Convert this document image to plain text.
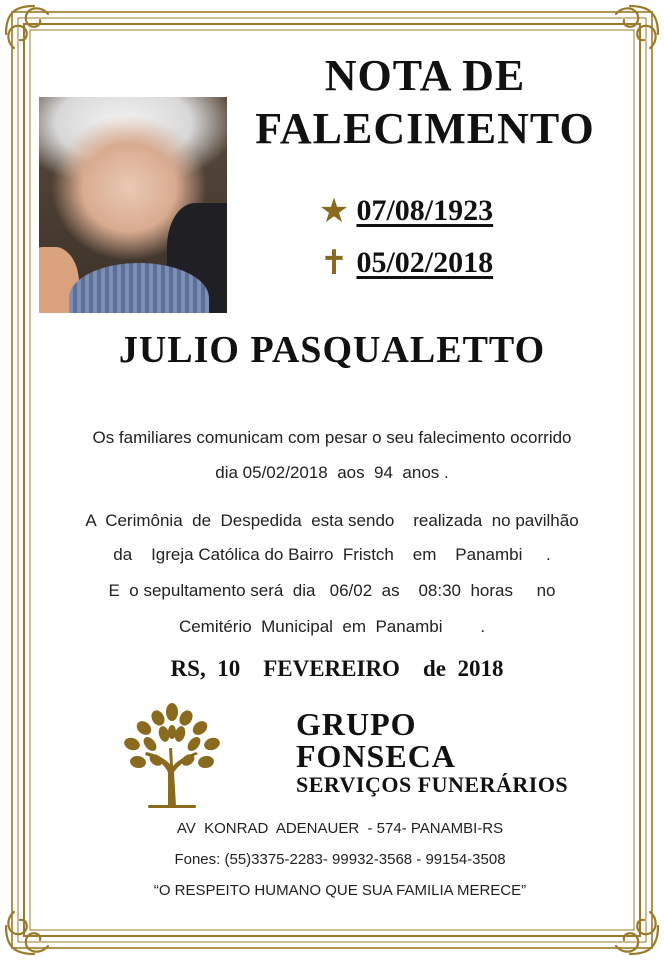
NOTA DE
FALECIMENTO
★ 07/08/1923
✝ 05/02/2018
JULIO PASQUALETTO
Os familiares comunicam com pesar o seu falecimento ocorrido
dia 05/02/2018  aos  94  anos .
A  Cerimônia  de  Despedida  esta sendo    realizada  no pavilhão
da    Igreja Católica do Bairro  Fristch    em    Panambi     .
E  o sepultamento será  dia   06/02  as    08:30  horas     no
Cemitério  Municipal  em  Panambi        .
RS,  10    FEVEREIRO    de  2018
GRUPO
FONSECA
SERVIÇOS FUNERÁRIOS
AV  KONRAD  ADENAUER  - 574- PANAMBI-RS
Fones: (55)3375-2283- 99932-3568 - 99154-3508
“O RESPEITO HUMANO QUE SUA FAMILIA MERECE”
